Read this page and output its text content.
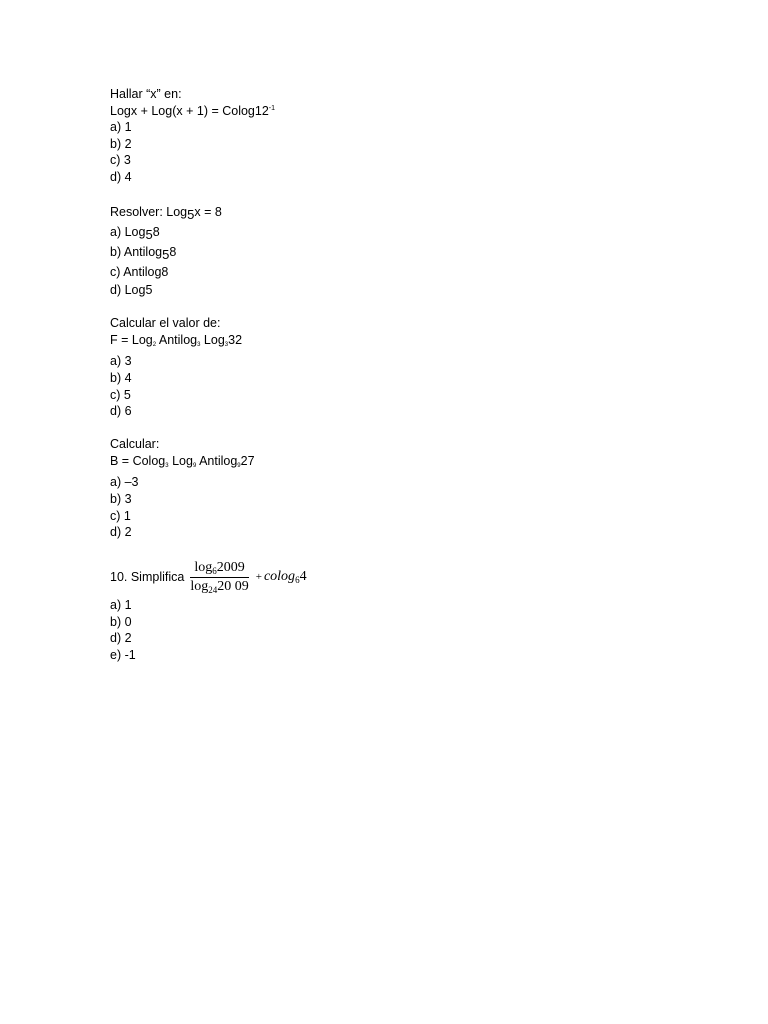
Hallar “x” en:
Logx + $Log(x + 1) = Colog12^{-1}$
a) 1
b) 2
c) 3
d) 4
Resolver: Log5x = 8
a) Log58
b) Antilog58
c) Antilog8
d) Log5
Calcular el valor de:
F = Log2 Antilog3 Log332
a) 3
b) 4
c) 5
d) 6
Calcular:
B = Colog3 Log9 Antilog927
a) –3
b) 3
c) 1
d) 2
10. Simplifica $\frac{\log_62009}{\log_{24}20 09} + colog_64$
a) 1
b) 0
d) 2
e) -1
